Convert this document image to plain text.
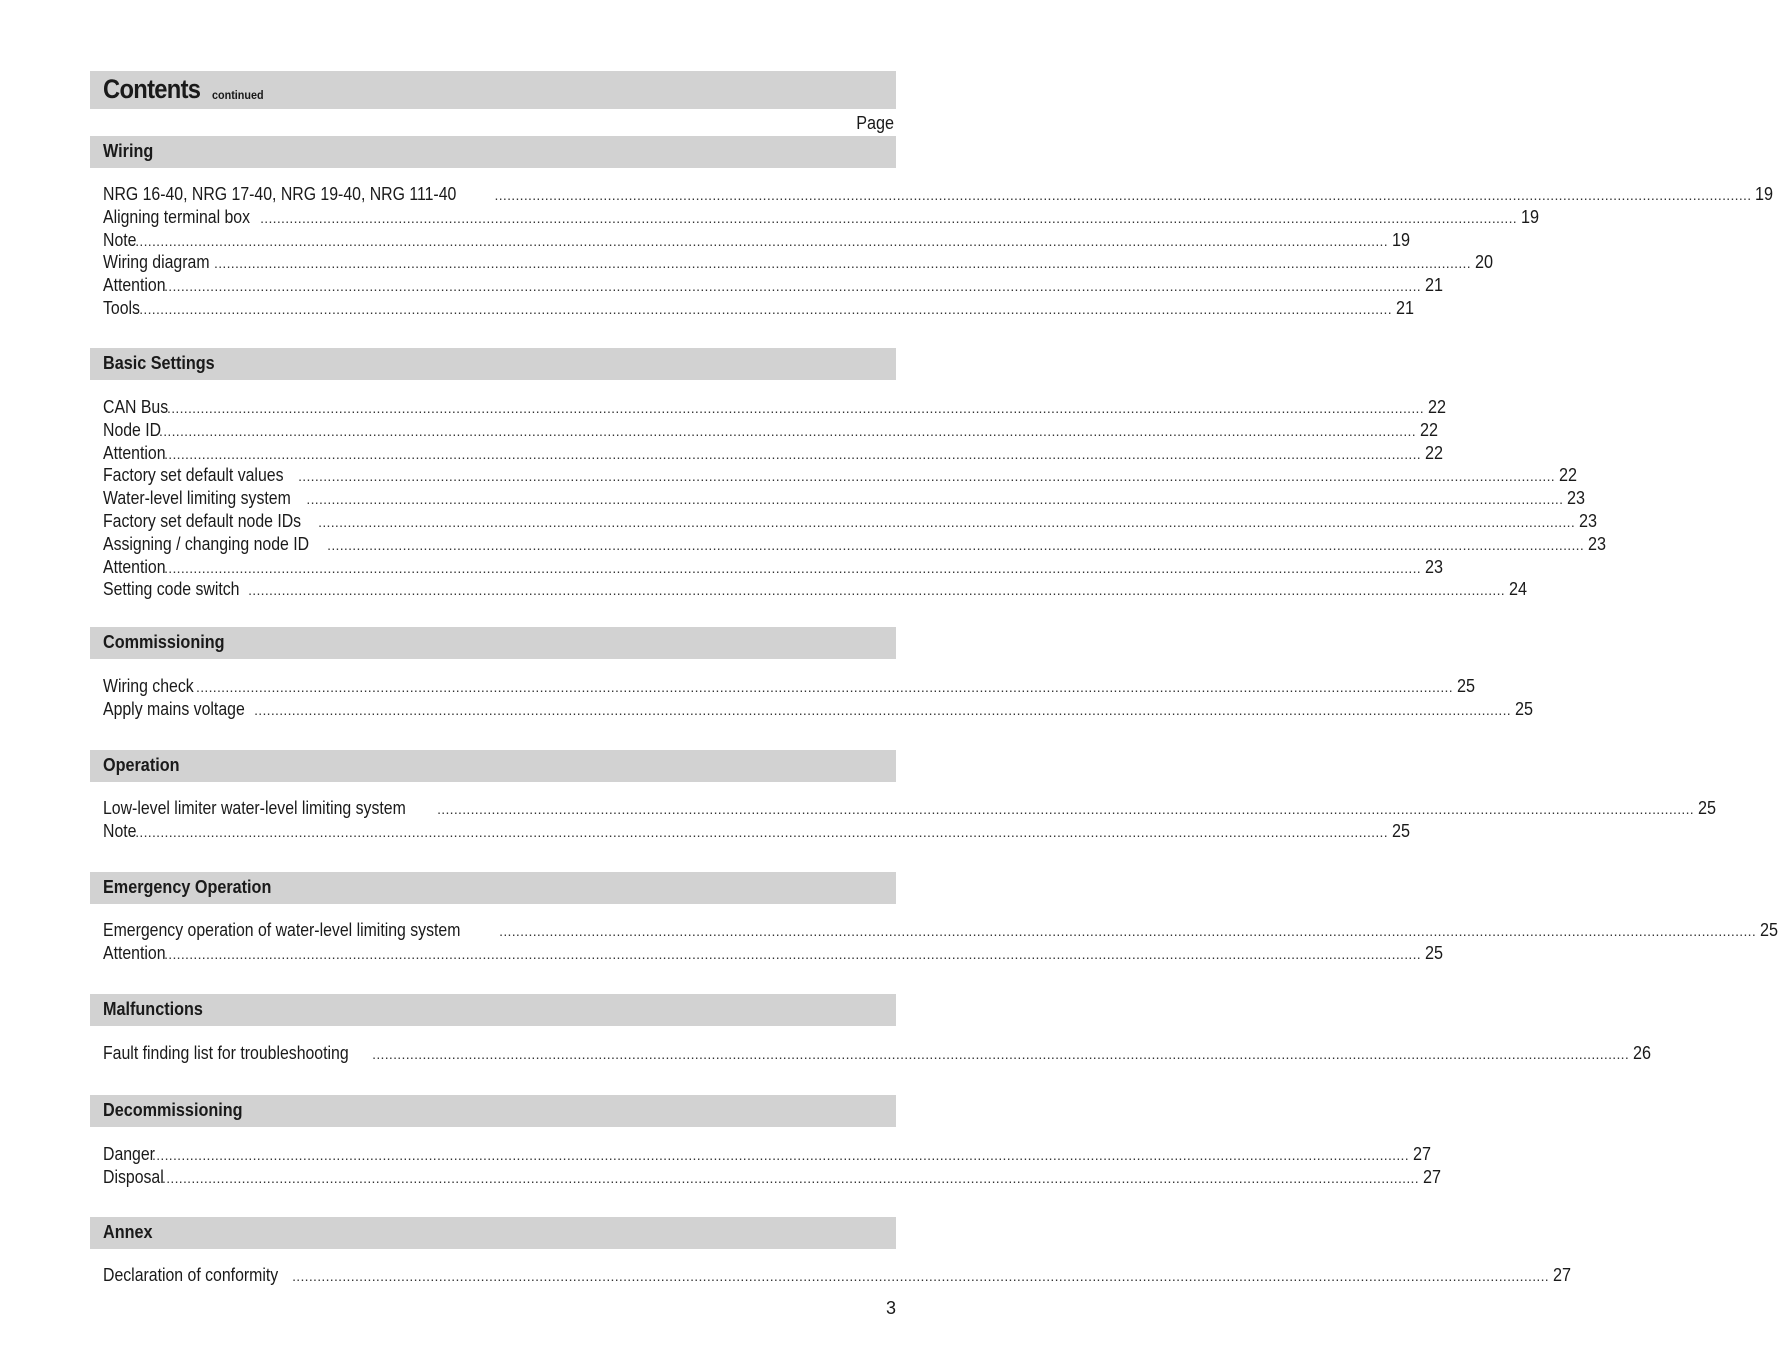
Contents continued
Page
Wiring
NRG 16-40, NRG 17-40, NRG 19-40, NRG 111-40	............................................................................................................................................................................................................................................................................................................ 19
Aligning terminal box ............................................................................................................................................................................................................................................................................................................ 19
Note
............................................................................................................................................................................................................................................................................................................ 19
Wiring diagram ............................................................................................................................................................................................................................................................................................................ 20
Attention
............................................................................................................................................................................................................................................................................................................ 21
Tools
............................................................................................................................................................................................................................................................................................................ 21
Basic Settings
CAN Bus
............................................................................................................................................................................................................................................................................................................ 22
Node ID
............................................................................................................................................................................................................................................................................................................ 22
Attention
............................................................................................................................................................................................................................................................................................................ 22
Factory set default values ............................................................................................................................................................................................................................................................................................................ 22
Water-level limiting system ............................................................................................................................................................................................................................................................................................................ 23
Factory set default node IDs ............................................................................................................................................................................................................................................................................................................ 23
Assigning / changing node ID ............................................................................................................................................................................................................................................................................................................ 23
Attention
............................................................................................................................................................................................................................................................................................................ 23
Setting code switch ............................................................................................................................................................................................................................................................................................................ 24
Commissioning
Wiring check ............................................................................................................................................................................................................................................................................................................ 25
Apply mains voltage ............................................................................................................................................................................................................................................................................................................ 25
Operation
Low-level limiter water-level limiting system ............................................................................................................................................................................................................................................................................................................ 25
Note
............................................................................................................................................................................................................................................................................................................ 25
Emergency Operation
Emergency operation of water-level limiting system	............................................................................................................................................................................................................................................................................................................ 25
Attention
............................................................................................................................................................................................................................................................................................................ 25
Malfunctions
Fault finding list for troubleshooting ............................................................................................................................................................................................................................................................................................................ 26
Decommissioning
Danger
............................................................................................................................................................................................................................................................................................................ 27
Disposal
............................................................................................................................................................................................................................................................................................................ 27
Annex
Declaration of conformity ............................................................................................................................................................................................................................................................................................................ 27
3
